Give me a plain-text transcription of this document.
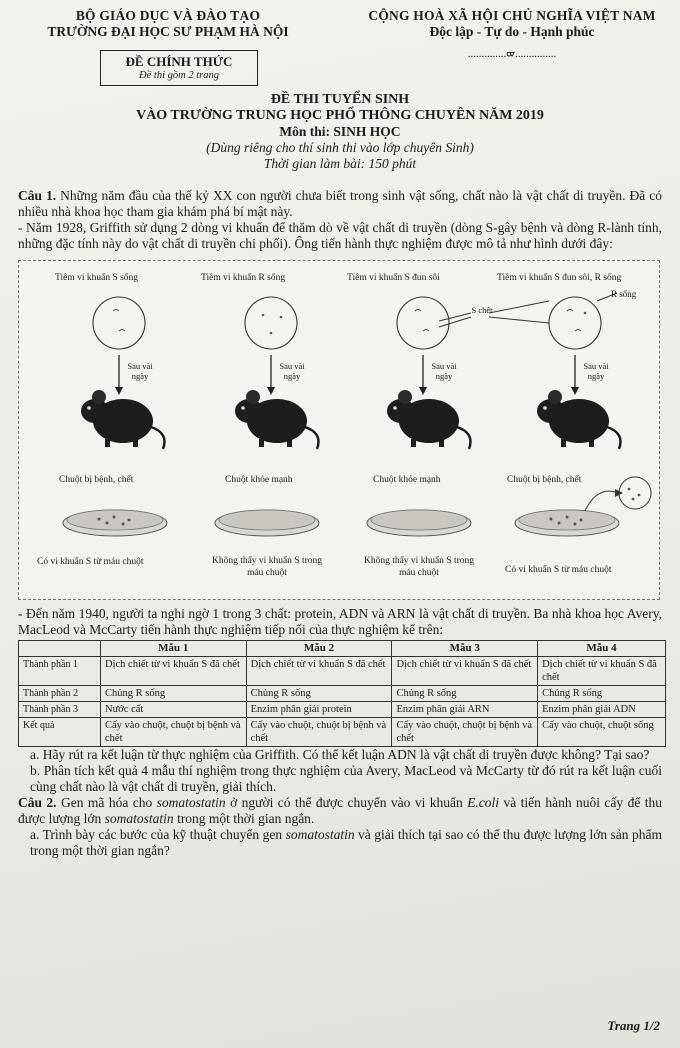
BỘ GIÁO DỤC VÀ ĐÀO TẠO
TRƯỜNG ĐẠI HỌC SƯ PHẠM HÀ NỘI
ĐỀ CHÍNH THỨC
Đề thi gồm 2 trang
CỘNG HOÀ XÃ HỘI CHỦ NGHĨA VIỆT NAM
Độc lập - Tự do - Hạnh phúc
..............ᢍ...............
ĐỀ THI TUYỂN SINH
VÀO TRƯỜNG TRUNG HỌC PHỔ THÔNG CHUYÊN NĂM 2019
Môn thi: SINH HỌC
(Dùng riêng cho thí sinh thi vào lớp chuyên Sinh)
Thời gian làm bài: 150 phút
Câu 1. Những năm đầu của thế kỷ XX con người chưa biết trong sinh vật sống, chất nào là vật chất di truyền. Đã có nhiều nhà khoa học tham gia khám phá bí mật này.
- Năm 1928, Griffith sử dụng 2 dòng vi khuẩn để thăm dò về vật chất di truyền (dòng S-gây bệnh và dòng R-lành tính, những đặc tính này do vật chất di truyền chi phối). Ông tiến hành thực nghiệm được mô tả như hình dưới đây:
Tiêm vi khuẩn S sống	Tiêm vi khuẩn R sống	Tiêm vi khuẩn S đun sôi	Tiêm vi khuẩn S đun sôi, R sống
S chết
R sống
Sau vài ngày
Sau vài ngày
Sau vài ngày
Sau vài ngày
Chuột bị bệnh, chết	Chuột khỏe mạnh	Chuột khỏe mạnh	Chuột bị bệnh, chết
Có vi khuẩn S từ máu chuột	Không thấy vi khuẩn S trong máu chuột
Không thấy vi khuẩn S trong máu chuột	Có vi khuẩn S từ máu chuột
- Đến năm 1940, người ta nghi ngờ 1 trong 3 chất: protein, ADN và ARN là vật chất di truyền. Ba nhà khoa học Avery, MacLeod và McCarty tiến hành thực nghiệm tiếp nối của thực nghiệm kể trên:
	Mẫu 1	Mẫu 2	Mẫu 3	Mẫu 4
Thành phần 1	Dịch chiết từ vi khuẩn S đã chết	Dịch chiết từ vi khuẩn S đã chết	Dịch chiết từ vi khuẩn S đã chết	Dịch chiết từ vi khuẩn S đã chết
Thành phần 2	Chủng R sống	Chủng R sống	Chủng R sống	Chủng R sống
Thành phần 3	Nước cất	Enzim phân giải protein	Enzim phân giải ARN	Enzim phân giải ADN
Kết quả	Cấy vào chuột, chuột bị bệnh và chết	Cấy vào chuột, chuột bị bệnh và chết	Cấy vào chuột, chuột bị bệnh và chết	Cấy vào chuột, chuột sống
a. Hãy rút ra kết luận từ thực nghiệm của Griffith. Có thể kết luận ADN là vật chất di truyền được không? Tại sao?
b. Phân tích kết quả 4 mẫu thí nghiệm trong thực nghiệm của Avery, MacLeod và McCarty từ đó rút ra kết luận cuối cùng chất nào là vật chất di truyền, giải thích.
Câu 2. Gen mã hóa cho somatostatin ở người có thể được chuyển vào vi khuẩn E.coli và tiến hành nuôi cấy để thu được lượng lớn somatostatin trong một thời gian ngắn.
a. Trình bày các bước của kỹ thuật chuyển gen somatostatin và giải thích tại sao có thể thu được lượng lớn sản phẩm trong một thời gian ngắn?
Trang 1/2
